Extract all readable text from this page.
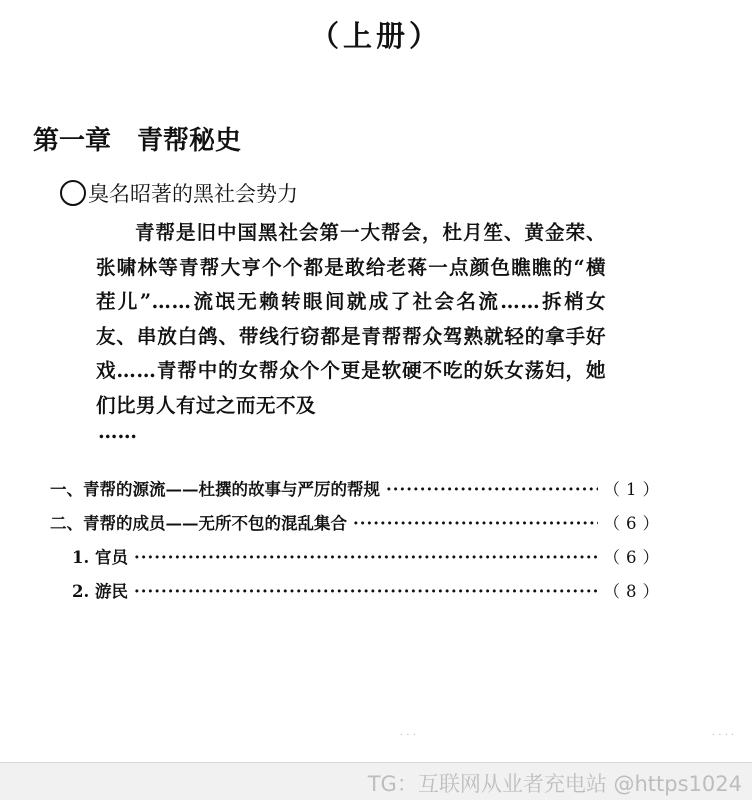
（上册）
第一章　青帮秘史
臭名昭著的黑社会势力
青帮是旧中国黑社会第一大帮会，杜月笙、黄金荣、张啸林等青帮大亨个个都是敢给老蒋一点颜色瞧瞧的“横茬儿”……流氓无赖转眼间就成了社会名流……拆梢女友、串放白鸽、带线行窃都是青帮帮众驾熟就轻的拿手好戏……青帮中的女帮众个个更是软硬不吃的妖女荡妇，她们比男人有过之而无不及
……
一、青帮的源流——杜撰的故事与严厉的帮规 ·····	（1）
二、青帮的成员——无所不包的混乱集合 ·····	（6）
1. 官员 ·····	（6）
2. 游民 ·····	（8）
· · ·	· · · ·
TG：互联网从业者充电站 @https1024
